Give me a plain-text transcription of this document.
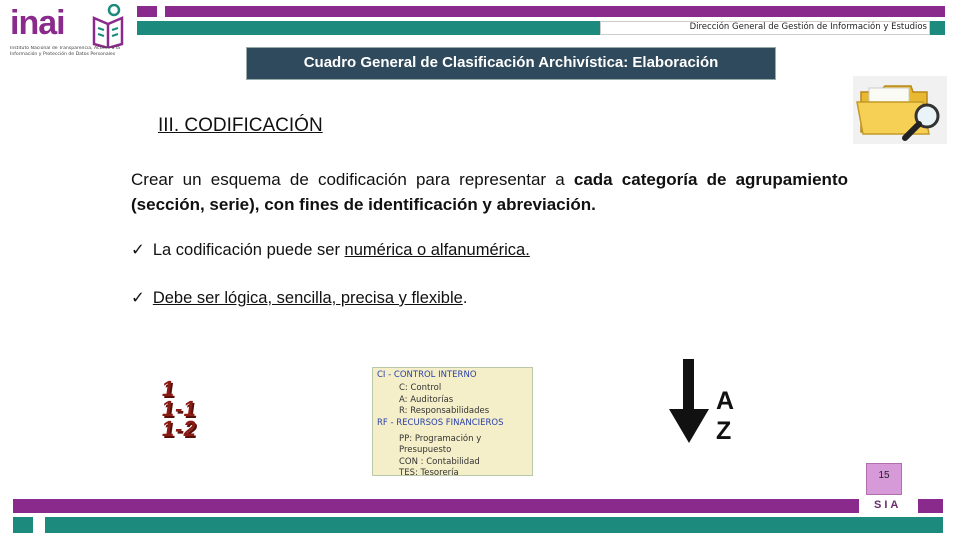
inai
Instituto Nacional de Transparencia, Acceso a la Información y Protección de Datos Personales
Dirección General de Gestión de Información y Estudios
Cuadro General de Clasificación Archivística: Elaboración
III. CODIFICACIÓN
Crear un esquema de codificación para representar a cada categoría de agrupamiento (sección, serie), con fines de identificación y abreviación.
✓ La codificación puede ser numérica o alfanumérica.
✓ Debe ser lógica, sencilla, precisa y flexible.
1
1-1
1-2
CI - CONTROL INTERNO
C: Control
A: Auditorías
R: Responsabilidades
RF - RECURSOS FINANCIEROS
PP: Programación y Presupuesto
CON : Contabilidad
TES: Tesorería
A
Z
15
SIA
